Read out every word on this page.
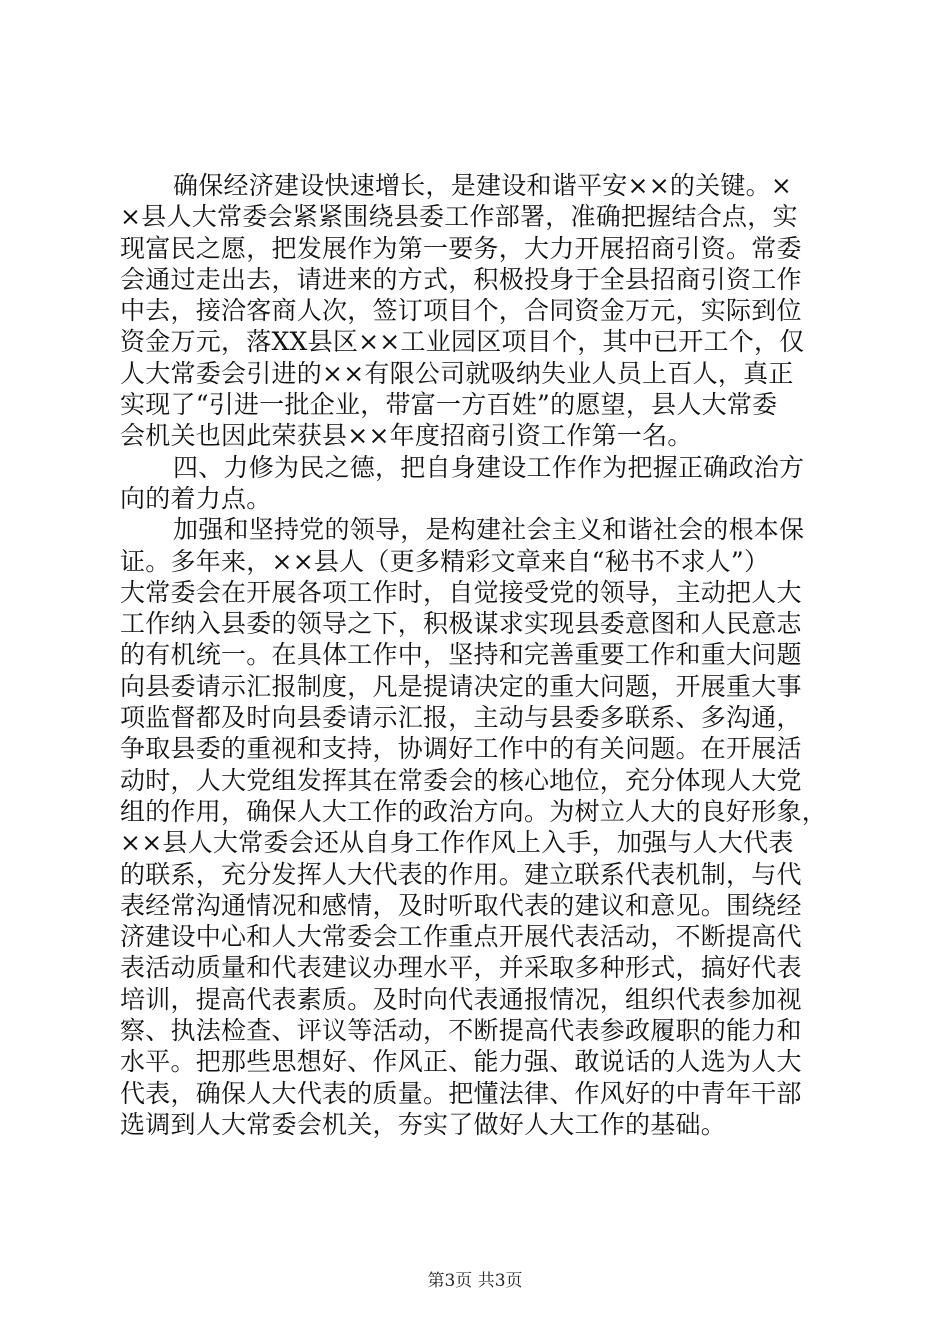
确保经济建设快速增长，是建设和谐平安××的关键。×
×县人大常委会紧紧围绕县委工作部署，准确把握结合点，实
现富民之愿，把发展作为第一要务，大力开展招商引资。常委
会通过走出去，请进来的方式，积极投身于全县招商引资工作
中去，接洽客商人次，签订项目个，合同资金万元，实际到位
资金万元，落XX县区××工业园区项目个，其中已开工个，仅
人大常委会引进的××有限公司就吸纳失业人员上百人，真正
实现了“引进一批企业，带富一方百姓”的愿望，县人大常委
会机关也因此荣获县××年度招商引资工作第一名。
四、力修为民之德，把自身建设工作作为把握正确政治方
向的着力点。
加强和坚持党的领导，是构建社会主义和谐社会的根本保
证。多年来，××县人（更多精彩文章来自“秘书不求人”）
大常委会在开展各项工作时，自觉接受党的领导，主动把人大
工作纳入县委的领导之下，积极谋求实现县委意图和人民意志
的有机统一。在具体工作中，坚持和完善重要工作和重大问题
向县委请示汇报制度，凡是提请决定的重大问题，开展重大事
项监督都及时向县委请示汇报，主动与县委多联系、多沟通，
争取县委的重视和支持，协调好工作中的有关问题。在开展活
动时，人大党组发挥其在常委会的核心地位，充分体现人大党
组的作用，确保人大工作的政治方向。为树立人大的良好形象，
××县人大常委会还从自身工作作风上入手，加强与人大代表
的联系，充分发挥人大代表的作用。建立联系代表机制，与代
表经常沟通情况和感情，及时听取代表的建议和意见。围绕经
济建设中心和人大常委会工作重点开展代表活动，不断提高代
表活动质量和代表建议办理水平，并采取多种形式，搞好代表
培训，提高代表素质。及时向代表通报情况，组织代表参加视
察、执法检查、评议等活动，不断提高代表参政履职的能力和
水平。把那些思想好、作风正、能力强、敢说话的人选为人大
代表，确保人大代表的质量。把懂法律、作风好的中青年干部
选调到人大常委会机关，夯实了做好人大工作的基础。
第3页 共3页
